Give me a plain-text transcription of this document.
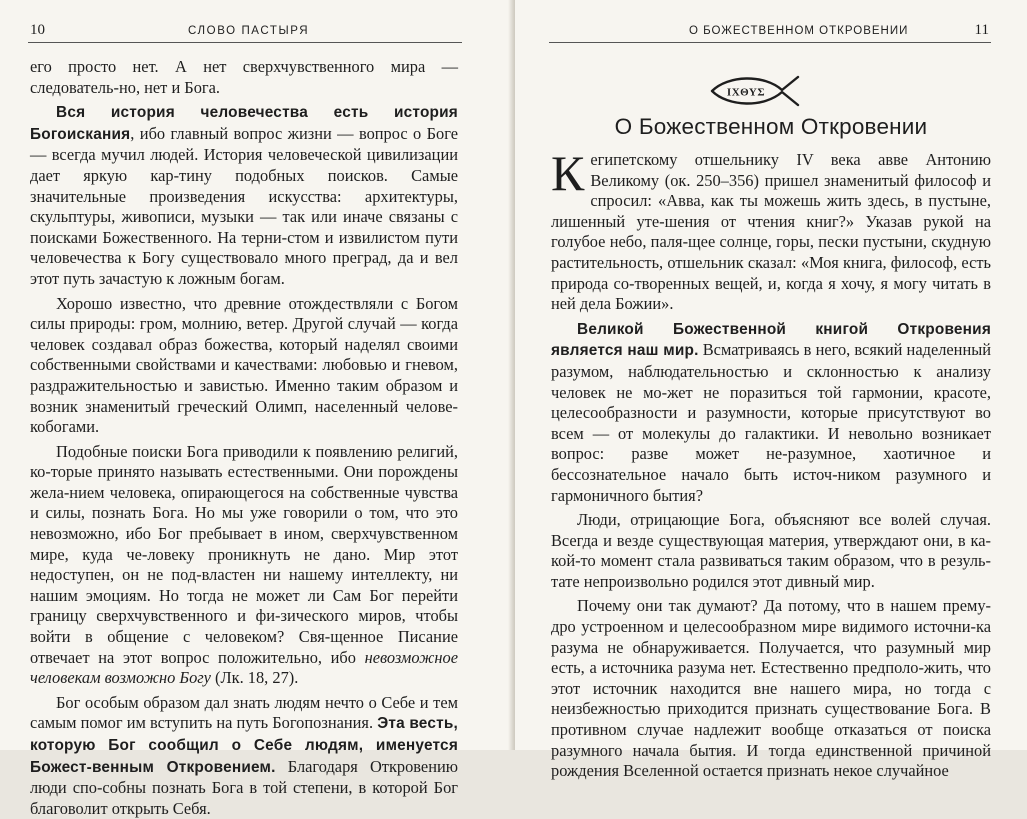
10	СЛОВО ПАСТЫРЯ

его просто нет. А нет сверхчувственного мира — следователь-но, нет и Бога.

Вся история человечества есть история Богоискания, ибо главный вопрос жизни — вопрос о Боге — всегда мучил людей. История человеческой цивилизации дает яркую кар-тину подобных поисков. Самые значительные произведения искусства: архитектуры, скульптуры, живописи, музыки — так или иначе связаны с поисками Божественного. На терни-стом и извилистом пути человечества к Богу существовало много преград, да и вел этот путь зачастую к ложным богам.

Хорошо известно, что древние отождествляли с Богом силы природы: гром, молнию, ветер. Другой случай — когда человек создавал образ божества, который наделял своими собственными свойствами и качествами: любовью и гневом, раздражительностью и завистью. Именно таким образом и возник знаменитый греческий Олимп, населенный челове-кобогами.

Подобные поиски Бога приводили к появлению религий, ко-торые принято называть естественными. Они порождены жела-нием человека, опирающегося на собственные чувства и силы, познать Бога. Но мы уже говорили о том, что это невозможно, ибо Бог пребывает в ином, сверхчувственном мире, куда че-ловеку проникнуть не дано. Мир этот недоступен, он не под-властен ни нашему интеллекту, ни нашим эмоциям. Но тогда не может ли Сам Бог перейти границу сверхчувственного и фи-зического миров, чтобы войти в общение с человеком? Свя-щенное Писание отвечает на этот вопрос положительно, ибо невозможное человекам возможно Богу (Лк. 18, 27).

Бог особым образом дал знать людям нечто о Себе и тем самым помог им вступить на путь Богопознания. Эта весть, которую Бог сообщил о Себе людям, именуется Божест-венным Откровением. Благодаря Откровению люди спо-собны познать Бога в той степени, в которой Бог благоволит открыть Себя.

О БОЖЕСТВЕННОМ ОТКРОВЕНИИ	11
ΙΧΘΥΣ
О Божественном Откровении

К египетскому отшельнику IV века авве Антонию Великому (ок. 250–356) пришел знаменитый философ и спросил: «Авва, как ты можешь жить здесь, в пустыне, лишенный уте-шения от чтения книг?» Указав рукой на голубое небо, паля-щее солнце, горы, пески пустыни, скудную растительность, отшельник сказал: «Моя книга, философ, есть природа со-творенных вещей, и, когда я хочу, я могу читать в ней дела Божии».

Великой Божественной книгой Откровения является наш мир. Всматриваясь в него, всякий наделенный разумом, наблюдательностью и склонностью к анализу человек не мо-жет не поразиться той гармонии, красоте, целесообразности и разумности, которые присутствуют во всем — от молекулы до галактики. И невольно возникает вопрос: разве может не-разумное, хаотичное и бессознательное начало быть источ-ником разумного и гармоничного бытия?

Люди, отрицающие Бога, объясняют все волей случая. Всегда и везде существующая материя, утверждают они, в ка-кой-то момент стала развиваться таким образом, что в резуль-тате непроизвольно родился этот дивный мир.

Почему они так думают? Да потому, что в нашем прему-дро устроенном и целесообразном мире видимого источни-ка разума не обнаруживается. Получается, что разумный мир есть, а источника разума нет. Естественно предполо-жить, что этот источник находится вне нашего мира, но тогда с неизбежностью приходится признать существование Бога. В противном случае надлежит вообще отказаться от поиска разумного начала бытия. И тогда единственной причиной рождения Вселенной остается признать некое случайное
